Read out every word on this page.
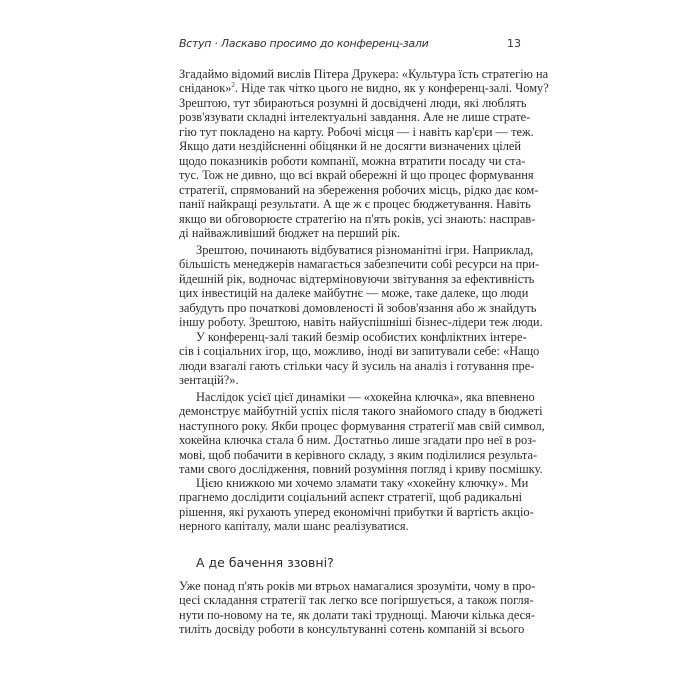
Вступ · Ласкаво просимо до конференц-зали	13
Згадаймо відомий вислів Пітера Друкера: «Культура їсть стратегію на
сніданок»$^2$. Ніде так чітко цього не видно, як у конференц-залі. Чому?
Зрештою, тут збираються розумні й досвідчені люди, які люблять
розв'язувати складні інтелектуальні завдання. Але не лише страте-
гію тут покладено на карту. Робочі місця — і навіть кар'єри — теж.
Якщо дати нездійсненні обіцянки й не досягти визначених цілей
щодо показників роботи компанії, можна втратити посаду чи ста-
тус. Тож не дивно, що всі вкрай обережні й що процес формування
стратегії, спрямований на збереження робочих місць, рідко дає ком-
панії найкращі результати. А ще ж є процес бюджетування. Навіть
якщо ви обговорюєте стратегію на п'ять років, усі знають: насправ-
ді найважливіший бюджет на перший рік.
Зрештою, починають відбуватися різноманітні ігри. Наприклад,
більшість менеджерів намагається забезпечити собі ресурси на при-
йдешній рік, водночас відтерміновуючи звітування за ефективність
цих інвестицій на далеке майбутнє — може, таке далеке, що люди
забудуть про початкові домовленості й зобов'язання або ж знайдуть
іншу роботу. Зрештою, навіть найуспішніші бізнес-лідери теж люди.
У конференц-залі такий безмір особистих конфліктних інтере-
сів і соціальних ігор, що, можливо, іноді ви запитували себе: «Нащо
люди взагалі гають стільки часу й зусиль на аналіз і готування пре-
зентацій?».
Наслідок усієї цієї динаміки — «хокейна ключка», яка впевнено
демонструє майбутній успіх після такого знайомого спаду в бюджеті
наступного року. Якби процес формування стратегії мав свій символ,
хокейна ключка стала б ним. Достатньо лише згадати про неї в роз-
мові, щоб побачити в керівного складу, з яким поділилися результа-
тами свого дослідження, повний розуміння погляд і криву посмішку.
Цією книжкою ми хочемо зламати таку «хокейну ключку». Ми
прагнемо дослідити соціальний аспект стратегії, щоб радикальні
рішення, які рухають уперед економічні прибутки й вартість акціо-
нерного капіталу, мали шанс реалізуватися.
Уже понад п'ять років ми втрьох намагалися зрозуміти, чому в про-
цесі складання стратегії так легко все погіршується, а також погля-
нути по-новому на те, як долати такі труднощі. Маючи кілька деся-
тиліть досвіду роботи в консультуванні сотень компаній зі всього
А де бачення ззовні?
